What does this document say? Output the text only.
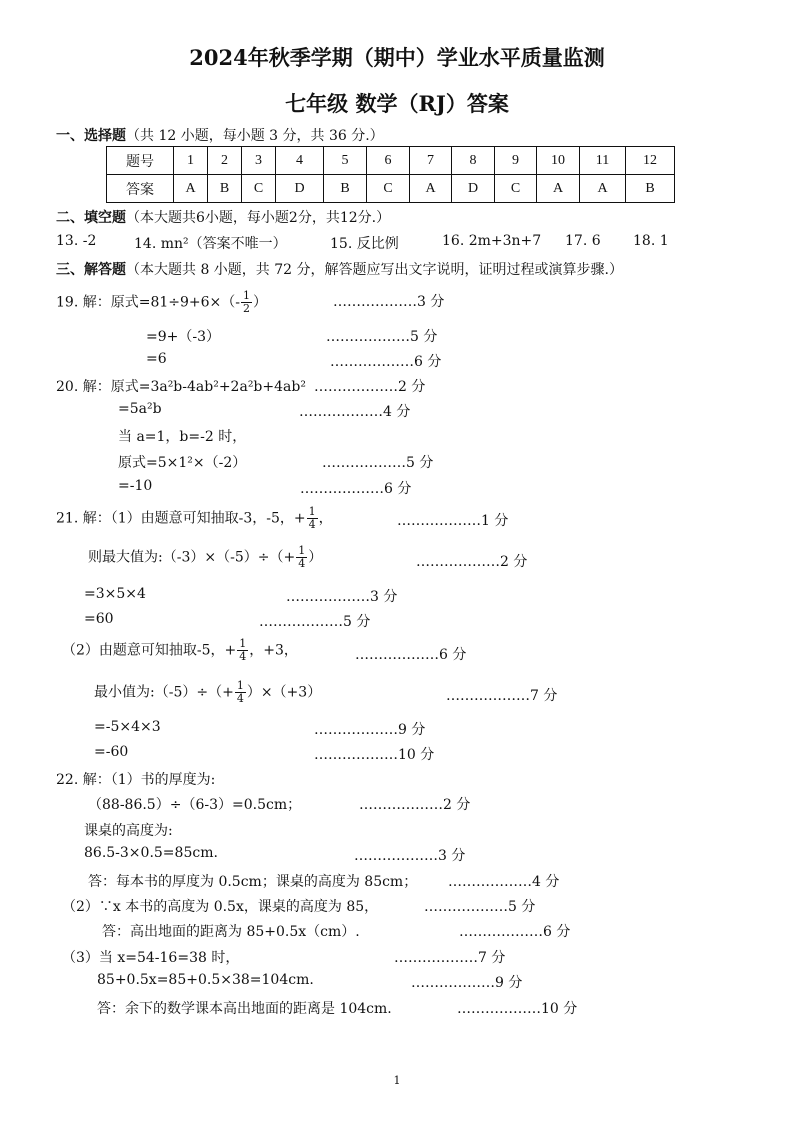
2024年秋季学期（期中）学业水平质量监测
七年级 数学（RJ）答案
一、选择题（共 12 小题，每小题 3 分，共 36 分.）
题号	1	2	3	4	5	6	7	8	9	10	11	12
答案	A	B	C	D	B	C	A	D	C	A	A	B
二、填空题（本大题共6小题，每小题2分，共12分.）
13. -2	14. mn²（答案不唯一）	15. 反比例	16. 2m+3n+7 17. 6 18. 1
三、解答题（本大题共 8 小题，共 72 分，解答题应写出文字说明，证明过程或演算步骤.）
19. 解：原式$=81\div 9+6\times(- \frac{1}{2}$ ）	………………3 分
=9+（-3）	………………5 分
=6	………………6 分
20. 解：原式=3a²b-4ab²+2a²b+4ab² ………………2 分
=5a²b	………………4 分
当 a=1，b=-2 时，
原式=5×1²×（-2）	………………5 分
=-10	………………6 分
21. 解：（1）由题意可知抽取-3，-5，+ $\frac{1}{4}$ ，	………………1 分
则最大值为:（-3）×（-5）÷（+ $\frac{1}{4}$ ）	………………2 分
=3×5×4	………………3 分
=60	………………5 分
（2）由题意可知抽取-5，+ $\frac{1}{4}$ ，+3，	………………6 分
最小值为:（-5）÷（+ $\frac{1}{4} )\times(+3)$	………………7 分
=-5×4×3	………………9 分
=-60	………………10 分
22. 解：（1）书的厚度为:
（88-86.5）÷（6-3）=0.5cm；	………………2 分
课桌的高度为:
86.5-3×0.5=85cm.	………………3 分
答：每本书的厚度为 0.5cm；课桌的高度为 85cm； ………………4 分
（2）∵x 本书的高度为 0.5x，课桌的高度为 85，	………………5 分
答：高出地面的距离为 85+0.5x（cm）.	………………6 分
（3）当 x=54-16=38 时，	………………7 分
85+0.5x=85+0.5×38=104cm.	………………9 分
答：余下的数学课本高出地面的距离是 104cm.	………………10 分
1
